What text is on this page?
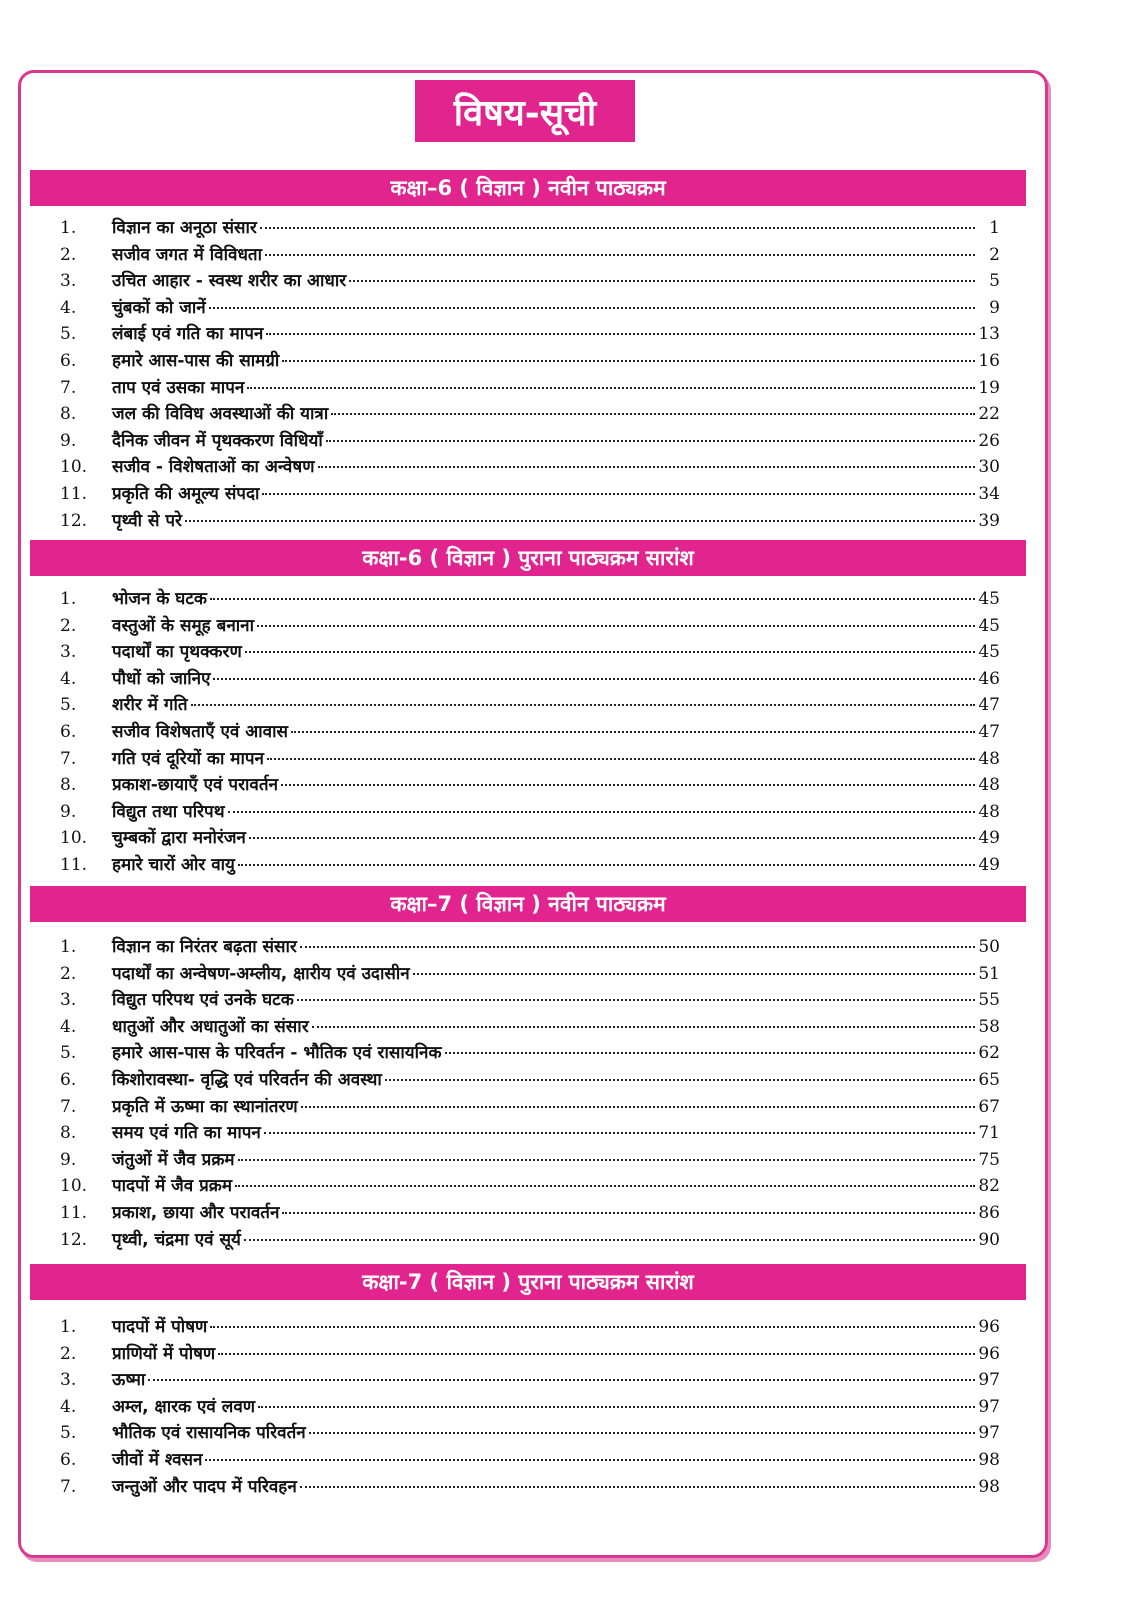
विषय-सूची
कक्षा–6 ( विज्ञान ) नवीन पाठ्यक्रम
1.	विज्ञान का अनूठा संसार	1
2.	सजीव जगत में विविधता	2
3.	उचित आहार - स्वस्थ शरीर का आधार	5
4.	चुंबकों को जानें	9
5.	लंबाई एवं गति का मापन	13
6.	हमारे आस-पास की सामग्री	16
7.	ताप एवं उसका मापन	19
8.	जल की विविध अवस्थाओं की यात्रा	22
9.	दैनिक जीवन में पृथक्करण विधियाँ	26
10.	सजीव - विशेषताओं का अन्वेषण	30
11.	प्रकृति की अमूल्य संपदा	34
12.	पृथ्वी से परे	39
कक्षा-6 ( विज्ञान ) पुराना पाठ्यक्रम सारांश
1.	भोजन के घटक	45
2.	वस्तुओं के समूह बनाना	45
3.	पदार्थों का पृथक्करण	45
4.	पौधों को जानिए	46
5.	शरीर में गति	47
6.	सजीव विशेषताएँ एवं आवास	47
7.	गति एवं दूरियों का मापन	48
8.	प्रकाश-छायाएँ एवं परावर्तन	48
9.	विद्युत तथा परिपथ	48
10.	चुम्बकों द्वारा मनोरंजन	49
11.	हमारे चारों ओर वायु	49
कक्षा–7 ( विज्ञान ) नवीन पाठ्यक्रम
1.	विज्ञान का निरंतर बढ़ता संसार	50
2.	पदार्थों का अन्वेषण-अम्लीय, क्षारीय एवं उदासीन	51
3.	विद्युत परिपथ एवं उनके घटक	55
4.	धातुओं और अधातुओं का संसार	58
5.	हमारे आस-पास के परिवर्तन - भौतिक एवं रासायनिक	62
6.	किशोरावस्था- वृद्धि एवं परिवर्तन की अवस्था	65
7.	प्रकृति में ऊष्मा का स्थानांतरण	67
8.	समय एवं गति का मापन	71
9.	जंतुओं में जैव प्रक्रम	75
10.	पादपों में जैव प्रक्रम	82
11.	प्रकाश, छाया और परावर्तन	86
12.	पृथ्वी, चंद्रमा एवं सूर्य	90
कक्षा-7 ( विज्ञान ) पुराना पाठ्यक्रम सारांश
1.	पादपों में पोषण	96
2.	प्राणियों में पोषण	96
3.	ऊष्मा	97
4.	अम्ल, क्षारक एवं लवण	97
5.	भौतिक एवं रासायनिक परिवर्तन	97
6.	जीवों में श्वसन	98
7.	जन्तुओं और पादप में परिवहन	98
